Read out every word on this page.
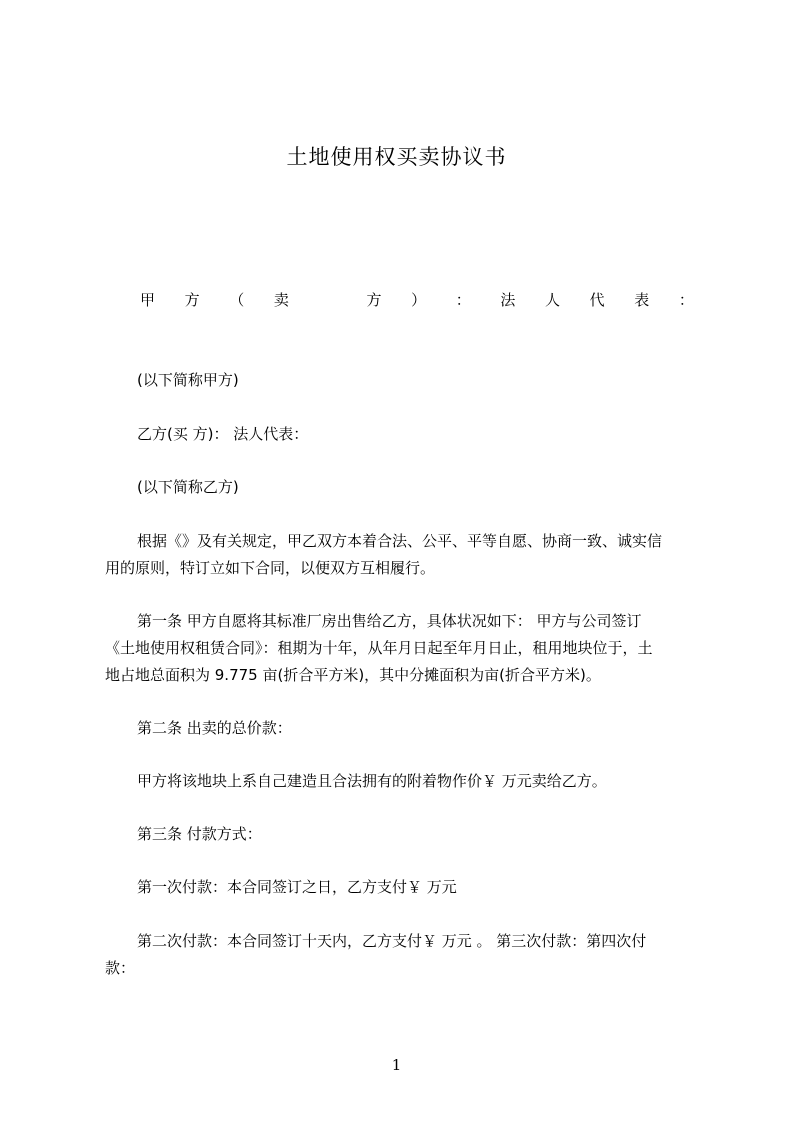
土地使用权买卖协议书
甲 方 （ 卖	方 ） ： 法 人 代 表 ：
(以下简称甲方)
乙方(买 方)： 法人代表：
(以下简称乙方)
根据《》及有关规定，甲乙双方本着合法、公平、平等自愿、协商一致、诚实信
用的原则，特订立如下合同，以便双方互相履行。
第一条 甲方自愿将其标准厂房出售给乙方，具体状况如下： 甲方与公司签订
《土地使用权租赁合同》：租期为十年，从年月日起至年月日止，租用地块位于，土
地占地总面积为 9.775 亩(折合平方米)，其中分摊面积为亩(折合平方米)。
第二条 出卖的总价款：
甲方将该地块上系自己建造且合法拥有的附着物作价￥ 万元卖给乙方。
第三条 付款方式：
第一次付款：本合同签订之日，乙方支付￥ 万元
第二次付款：本合同签订十天内，乙方支付￥ 万元 。 第三次付款：第四次付
款：
1
